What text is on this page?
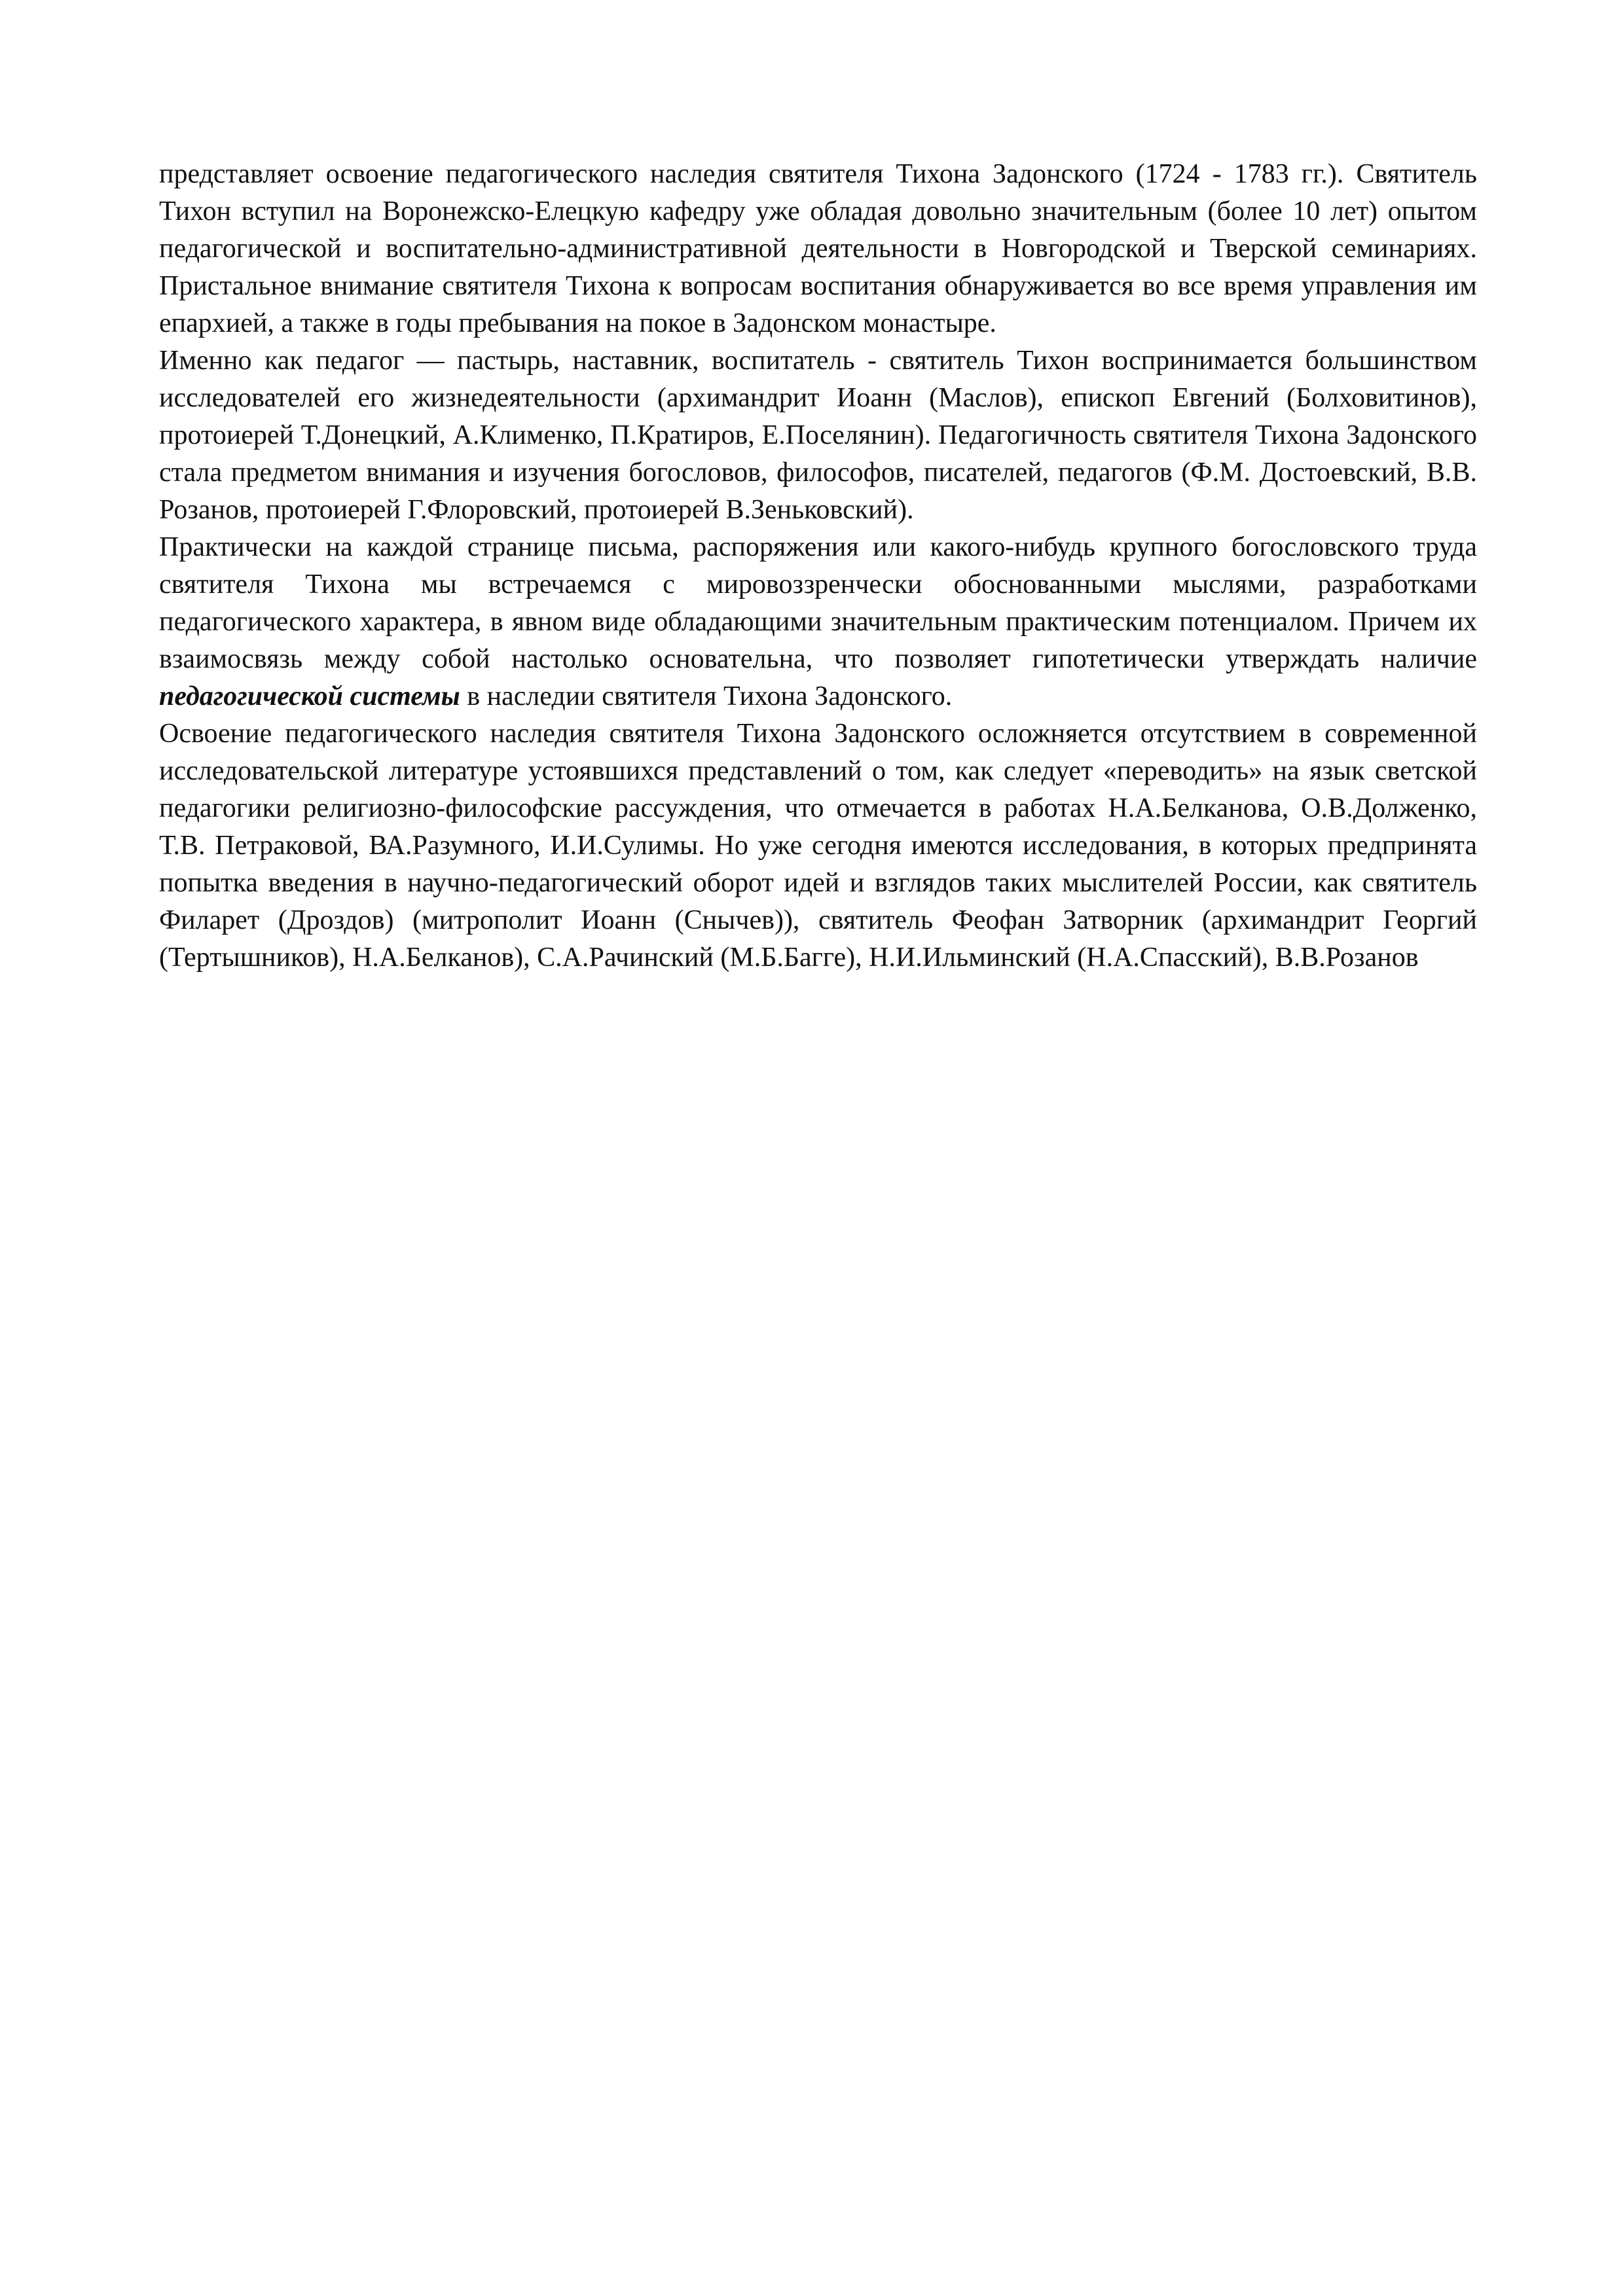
представляет освоение педагогического наследия святителя Тихона Задонского (1724 - 1783 гг.). Святитель Тихон вступил на Воронежско-Елецкую кафедру уже обладая довольно значительным (более 10 лет) опытом педагогической и воспитательно-административной деятельности в Новгородской и Тверской семинариях. Пристальное внимание святителя Тихона к вопросам воспитания обнаруживается во все время управления им епархией, а также в годы пребывания на покое в Задонском монастыре.

Именно как педагог — пастырь, наставник, воспитатель - святитель Тихон воспринимается большинством исследователей его жизнедеятельности (архимандрит Иоанн (Маслов), епископ Евгений (Болховитинов), протоиерей Т.Донецкий, А.Клименко, П.Кратиров, Е.Поселянин). Педагогичность святителя Тихона Задонского стала предметом внимания и изучения богословов, философов, писателей, педагогов (Ф.М. Достоевский, В.В. Розанов, протоиерей Г.Флоровский, протоиерей В.Зеньковский).

Практически на каждой странице письма, распоряжения или какого-нибудь крупного богословского труда святителя Тихона мы встречаемся с мировоззренчески обоснованными мыслями, разработками педагогического характера, в явном виде обладающими значительным практическим потенциалом. Причем их взаимосвязь между собой настолько основательна, что позволяет гипотетически утверждать наличие педагогической системы в наследии святителя Тихона Задонского.

Освоение педагогического наследия святителя Тихона Задонского осложняется отсутствием в современной исследовательской литературе устоявшихся представлений о том, как следует «переводить» на язык светской педагогики религиозно-философские рассуждения, что отмечается в работах Н.А.Белканова, О.В.Долженко, Т.В. Петраковой, ВА.Разумного, И.И.Сулимы. Но уже сегодня имеются исследования, в которых предпринята попытка введения в научно-педагогический оборот идей и взглядов таких мыслителей России, как святитель Филарет (Дроздов) (митрополит Иоанн (Снычев)), святитель Феофан Затворник (архимандрит Георгий (Тертышников), Н.А.Белканов), С.А.Рачинский (М.Б.Багге), Н.И.Ильминский (Н.А.Спасский), В.В.Розанов
